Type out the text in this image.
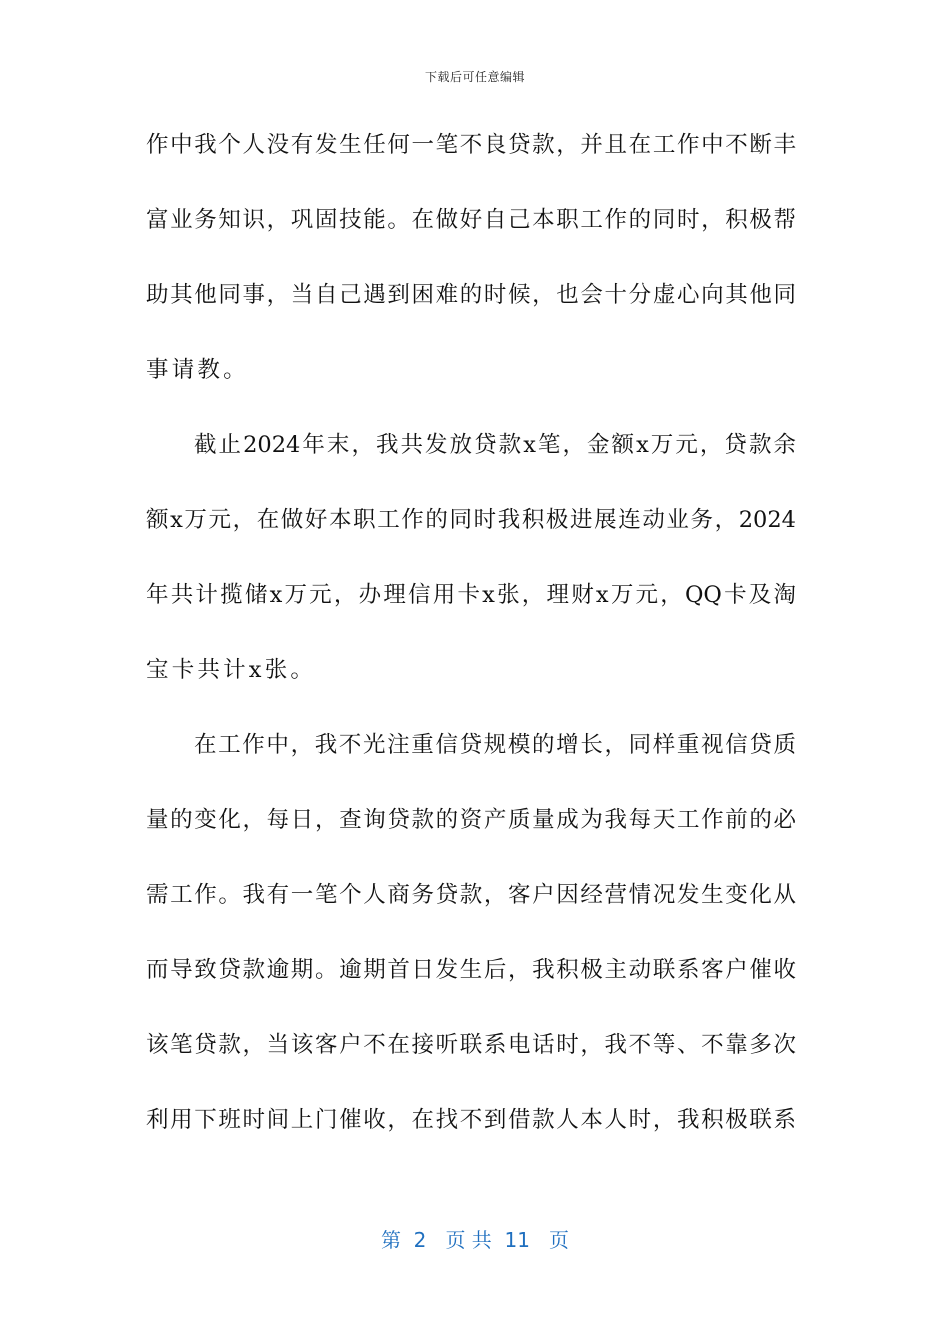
下载后可任意编辑
作中我个人没有发生任何一笔不良贷款，并且在工作中不断丰
富业务知识，巩固技能。在做好自己本职工作的同时，积极帮
助其他同事，当自己遇到困难的时候，也会十分虚心向其他同
事请教。
截止2024年末，我共发放贷款x笔，金额x万元，贷款余
额x万元，在做好本职工作的同时我积极进展连动业务，2024
年共计揽储x万元，办理信用卡x张，理财x万元，QQ卡及淘
宝卡共计x张。
在工作中，我不光注重信贷规模的增长，同样重视信贷质
量的变化，每日，查询贷款的资产质量成为我每天工作前的必
需工作。我有一笔个人商务贷款，客户因经营情况发生变化从
而导致贷款逾期。逾期首日发生后，我积极主动联系客户催收
该笔贷款，当该客户不在接听联系电话时，我不等、不靠多次
利用下班时间上门催收，在找不到借款人本人时，我积极联系
第  2   页 共  11   页
